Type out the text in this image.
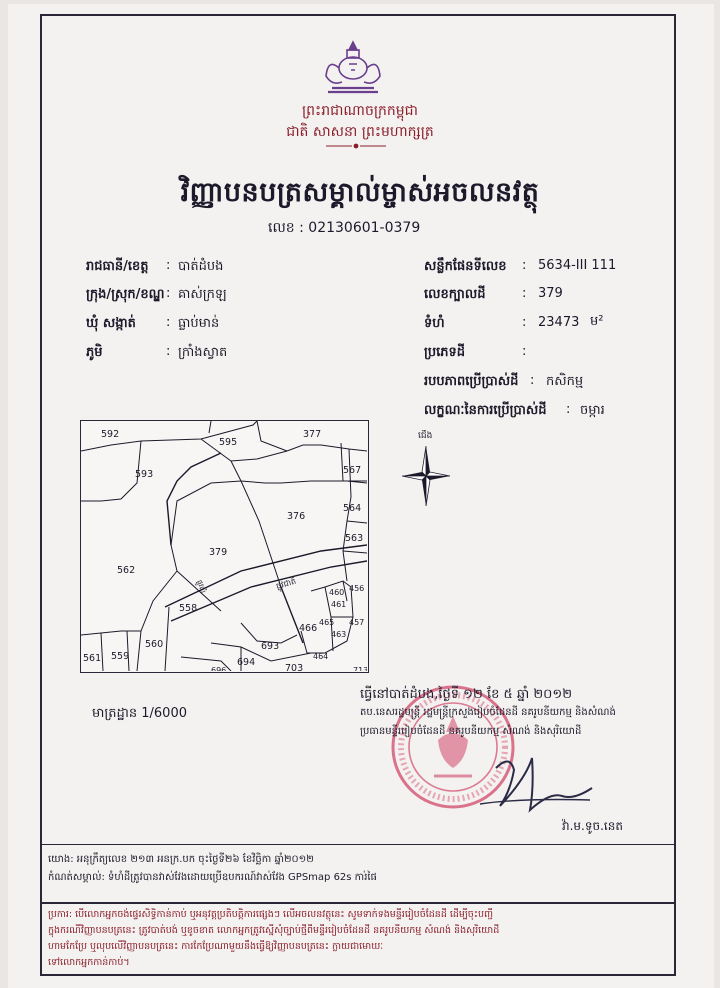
ព្រះរាជាណាចក្រកម្ពុជា
ជាតិ សាសនា ព្រះមហាក្សត្រ
វិញ្ញាបនបត្រសម្គាល់ម្ចាស់អចលនវត្ថុ
លេខ : 02130601-0379
រាជធានី/ខេត្ត : បាត់ដំបង
ក្រុង/ស្រុក/ខណ្ឌ : គាស់ក្រឡ
ឃុំ សង្កាត់ : ធ្លាប់មាន់
ភូមិ	: ក្រាំងស្វាត
សន្លឹកផែនទីលេខ : 5634-III 111
លេខក្បាលដី	: 379
ទំហំ	: 23473 ម²
ប្រភេទដី	:
របបភាពប្រើប្រាស់ដី : កសិកម្ម
លក្ខណៈនៃការប្រើប្រាស់ដី : ចម្ការ
592
595
377
593	567
376
564
563
379
562
558
460 456
466
465
461
463
457
560
559
561
693
464
694
696	703	713
ផ្លូវជាតិ
ផ្លូវលំ
ជើង
មាត្រដ្ឋាន 1/6000
ធ្វើនៅបាត់ដំបង,ថ្ងៃទី ១២ ខែ ៥ ឆ្នាំ ២០១២
តប.នេសរដ្ឋមន្ត្រី រដ្ឋមន្ត្រីក្រសួងរៀបចំដែនដី នគរូបនីយកម្ម និងសំណង់
ប្រធានមន្ទីររៀបចំដែនដី នគរូបនីយកម្ម សំណង់ និងសុរិយោដី
វ៉ា.ម.ទូច.នេត
យោង: អនុក្រឹត្យលេខ ២១៣ អនក្រ.បក ចុះថ្ងៃទី២៦ ខែវិច្ឆិកា ឆ្នាំ២០១២
កំណត់សម្គាល់: ទំហំដីត្រូវបានវាស់វែងដោយប្រើឧបករណ៍វាស់វែង GPSmap 62s ការ់ផៃ
ប្រការ: បើលោកអ្នកចង់ផ្ទេរសិទ្ធិកាន់កាប់ ឬអនុវត្តប្រតិបត្តិការផ្សេងៗ លើអចលនវត្ថុនេះ សូមទាក់ទងមន្ទីររៀបចំដែនដី ដើម្បីចុះបញ្ជី
ក្នុងករណីវិញ្ញាបនបត្រនេះ ត្រូវបាត់បង់ ឬខូចខាត លោកអ្នកត្រូវស្នើសុំច្បាប់ថ្មីពីមន្ទីររៀបចំដែនដី នគរូបនីយកម្ម សំណង់ និងសុរិយោដី
ហាមកែប្រែ ឬលុបលើវិញ្ញាបនបត្រនេះ ការកែប្រែណាមួយនឹងធ្វើឱ្យវិញ្ញាបនបត្រនេះ ក្លាយជាមោឃៈ
ទៅលោកអ្នកកាន់កាប់។
